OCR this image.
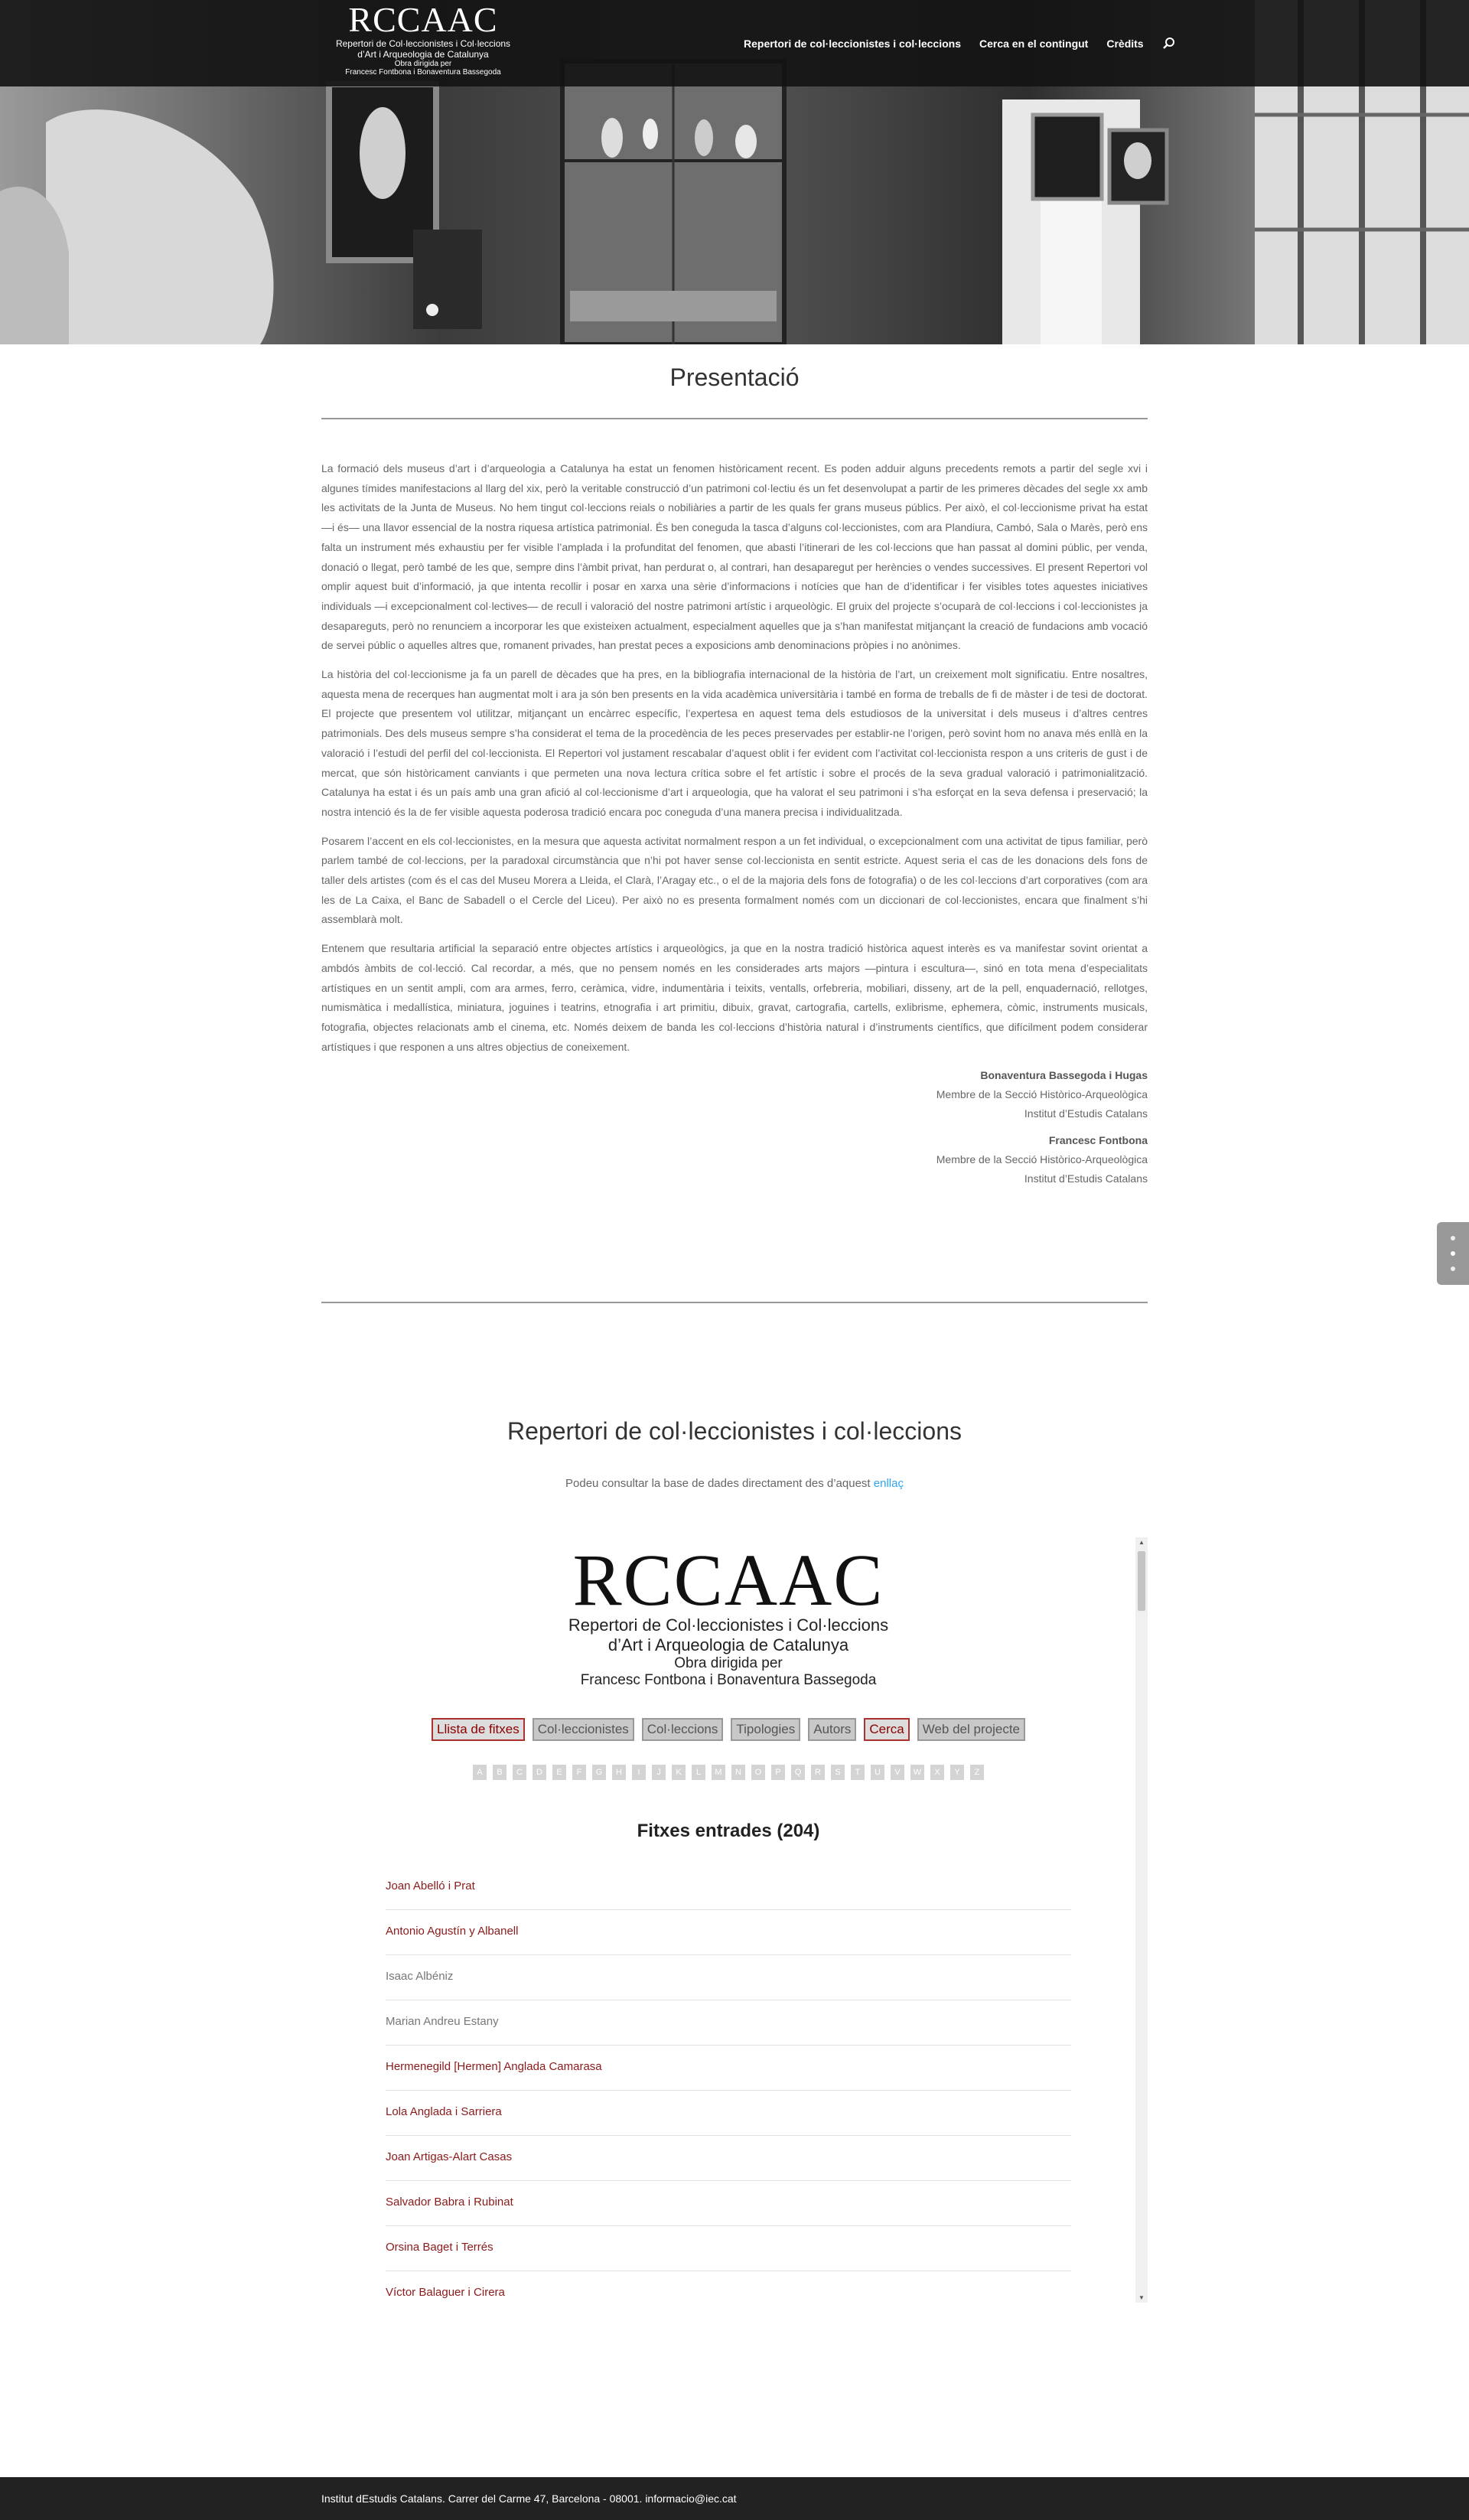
RCCAAC
Repertori de Col·leccionistes i Col·leccions
d’Art i Arqueologia de Catalunya
Obra dirigida per
Francesc Fontbona i Bonaventura Bassegoda
Repertori de col·leccionistes i col·leccions Cerca en el contingut Crèdits
Presentació

La formació dels museus d’art i d’arqueologia a Catalunya ha estat un fenomen històricament recent. Es poden adduir alguns precedents remots a partir del segle xvi i algunes tímides manifestacions al llarg del xix, però la veritable construcció d’un patrimoni col·lectiu és un fet desenvolupat a partir de les primeres dècades del segle xx amb les activitats de la Junta de Museus. No hem tingut col·leccions reials o nobiliàries a partir de les quals fer grans museus públics. Per això, el col·leccionisme privat ha estat —i és— una llavor essencial de la nostra riquesa artística patrimonial. És ben coneguda la tasca d’alguns col·leccionistes, com ara Plandiura, Cambó, Sala o Marès, però ens falta un instrument més exhaustiu per fer visible l’amplada i la profunditat del fenomen, que abasti l’itinerari de les col·leccions que han passat al domini públic, per venda, donació o llegat, però també de les que, sempre dins l’àmbit privat, han perdurat o, al contrari, han desaparegut per herències o vendes successives. El present Repertori vol omplir aquest buit d’informació, ja que intenta recollir i posar en xarxa una sèrie d’informacions i notícies que han de d’identificar i fer visibles totes aquestes iniciatives individuals —i excepcionalment col·lectives— de recull i valoració del nostre patrimoni artístic i arqueològic. El gruix del projecte s’ocuparà de col·leccions i col·leccionistes ja desapareguts, però no renunciem a incorporar les que existeixen actualment, especialment aquelles que ja s’han manifestat mitjançant la creació de fundacions amb vocació de servei públic o aquelles altres que, romanent privades, han prestat peces a exposicions amb denominacions pròpies i no anònimes.

La història del col·leccionisme ja fa un parell de dècades que ha pres, en la bibliografia internacional de la història de l’art, un creixement molt significatiu. Entre nosaltres, aquesta mena de recerques han augmentat molt i ara ja són ben presents en la vida acadèmica universitària i també en forma de treballs de fi de màster i de tesi de doctorat. El projecte que presentem vol utilitzar, mitjançant un encàrrec específic, l’expertesa en aquest tema dels estudiosos de la universitat i dels museus i d’altres centres patrimonials. Des dels museus sempre s’ha considerat el tema de la procedència de les peces preservades per establir-ne l’origen, però sovint hom no anava més enllà en la valoració i l’estudi del perfil del col·leccionista. El Repertori vol justament rescabalar d’aquest oblit i fer evident com l’activitat col·leccionista respon a uns criteris de gust i de mercat, que són històricament canviants i que permeten una nova lectura crítica sobre el fet artístic i sobre el procés de la seva gradual valoració i patrimonialització. Catalunya ha estat i és un país amb una gran afició al col·leccionisme d’art i arqueologia, que ha valorat el seu patrimoni i s’ha esforçat en la seva defensa i preservació; la nostra intenció és la de fer visible aquesta poderosa tradició encara poc coneguda d’una manera precisa i individualitzada.

Posarem l’accent en els col·leccionistes, en la mesura que aquesta activitat normalment respon a un fet individual, o excepcionalment com una activitat de tipus familiar, però parlem també de col·leccions, per la paradoxal circumstància que n’hi pot haver sense col·leccionista en sentit estricte. Aquest seria el cas de les donacions dels fons de taller dels artistes (com és el cas del Museu Morera a Lleida, el Clarà, l’Aragay etc., o el de la majoria dels fons de fotografia) o de les col·leccions d’art corporatives (com ara les de La Caixa, el Banc de Sabadell o el Cercle del Liceu). Per això no es presenta formalment només com un diccionari de col·leccionistes, encara que finalment s’hi assemblarà molt.

Entenem que resultaria artificial la separació entre objectes artístics i arqueològics, ja que en la nostra tradició històrica aquest interès es va manifestar sovint orientat a ambdós àmbits de col·lecció. Cal recordar, a més, que no pensem només en les considerades arts majors —pintura i escultura—, sinó en tota mena d’especialitats artístiques en un sentit ampli, com ara armes, ferro, ceràmica, vidre, indumentària i teixits, ventalls, orfebreria, mobiliari, disseny, art de la pell, enquadernació, rellotges, numismàtica i medallística, miniatura, joguines i teatrins, etnografia i art primitiu, dibuix, gravat, cartografia, cartells, exlibrisme, ephemera, còmic, instruments musicals, fotografia, objectes relacionats amb el cinema, etc. Només deixem de banda les col·leccions d’història natural i d’instruments científics, que difícilment podem considerar artístiques i que responen a uns altres objectius de coneixement.

Bonaventura Bassegoda i Hugas
Membre de la Secció Històrico-Arqueològica
Institut d’Estudis Catalans
Francesc Fontbona
Membre de la Secció Històrico-Arqueològica
Institut d’Estudis Catalans
Repertori de col·leccionistes i col·leccions
Podeu consultar la base de dades directament des d’aquest enllaç
RCCAAC
Repertori de Col·leccionistes i Col·leccions
d’Art i Arqueologia de Catalunya
Obra dirigida per
Francesc Fontbona i Bonaventura Bassegoda
Llista de fitxes	Col·leccionistes	Col·leccions	Tipologies	Autors	Cerca	Web del projecte
A	B	C	D	E	F	G	H	I	J	K	L	M	N	O	P	Q	R	S	T	U	V	W	X	Y	Z
Fitxes entrades (204)
Joan Abelló i Prat
Antonio Agustín y Albanell
Isaac Albéniz
Marian Andreu Estany
Hermenegild [Hermen] Anglada Camarasa
Lola Anglada i Sarriera
Joan Artigas-Alart Casas
Salvador Babra i Rubinat
Orsina Baget i Terrés
Víctor Balaguer i Cirera
▲
▼
Institut dEstudis Catalans. Carrer del Carme 47, Barcelona - 08001. informacio@iec.cat
